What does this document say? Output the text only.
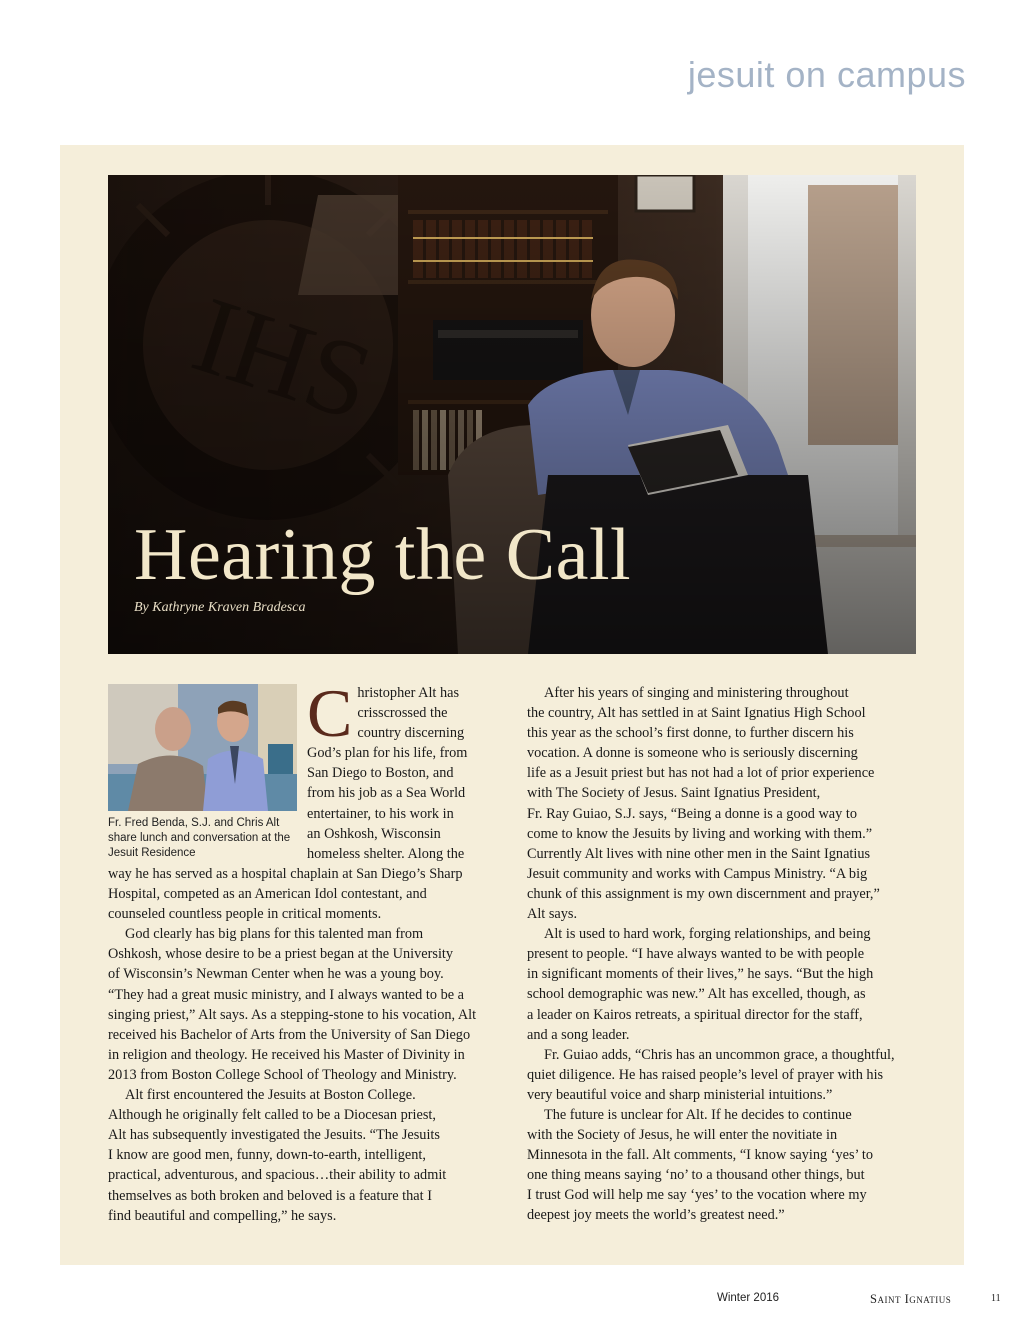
jesuit on campus
Hearing the Call
By Kathryne Kraven Bradesca
Fr. Fred Benda, S.J. and Chris Alt share lunch and conversation at the Jesuit Residence
C hristopher Alt has
crisscrossed the
country discerning
God’s plan for his life, from
San Diego to Boston, and
from his job as a Sea World
entertainer, to his work in
an Oshkosh, Wisconsin
homeless shelter. Along the
way he has served as a hospital chaplain at San Diego’s Sharp
Hospital, competed as an American Idol contestant, and
counseled countless people in critical moments.
God clearly has big plans for this talented man from
Oshkosh, whose desire to be a priest began at the University
of Wisconsin’s Newman Center when he was a young boy.
“They had a great music ministry, and I always wanted to be a
singing priest,” Alt says. As a stepping-stone to his vocation, Alt
received his Bachelor of Arts from the University of San Diego
in religion and theology. He received his Master of Divinity in
2013 from Boston College School of Theology and Ministry.
Alt first encountered the Jesuits at Boston College.
Although he originally felt called to be a Diocesan priest,
Alt has subsequently investigated the Jesuits. “The Jesuits
I know are good men, funny, down-to-earth, intelligent,
practical, adventurous, and spacious…their ability to admit
themselves as both broken and beloved is a feature that I
find beautiful and compelling,” he says.
After his years of singing and ministering throughout
the country, Alt has settled in at Saint Ignatius High School
this year as the school’s first donne, to further discern his
vocation. A donne is someone who is seriously discerning
life as a Jesuit priest but has not had a lot of prior experience
with The Society of Jesus. Saint Ignatius President,
Fr. Ray Guiao, S.J. says, “Being a donne is a good way to
come to know the Jesuits by living and working with them.”
Currently Alt lives with nine other men in the Saint Ignatius
Jesuit community and works with Campus Ministry. “A big
chunk of this assignment is my own discernment and prayer,”
Alt says.
Alt is used to hard work, forging relationships, and being
present to people. “I have always wanted to be with people
in significant moments of their lives,” he says. “But the high
school demographic was new.” Alt has excelled, though, as
a leader on Kairos retreats, a spiritual director for the staff,
and a song leader.
Fr. Guiao adds, “Chris has an uncommon grace, a thoughtful,
quiet diligence. He has raised people’s level of prayer with his
very beautiful voice and sharp ministerial intuitions.”
The future is unclear for Alt. If he decides to continue
with the Society of Jesus, he will enter the novitiate in
Minnesota in the fall. Alt comments, “I know saying ‘yes’ to
one thing means saying ‘no’ to a thousand other things, but
I trust God will help me say ‘yes’ to the vocation where my
deepest joy meets the world’s greatest need.”
Winter 2016	Saint Ignatius	11
